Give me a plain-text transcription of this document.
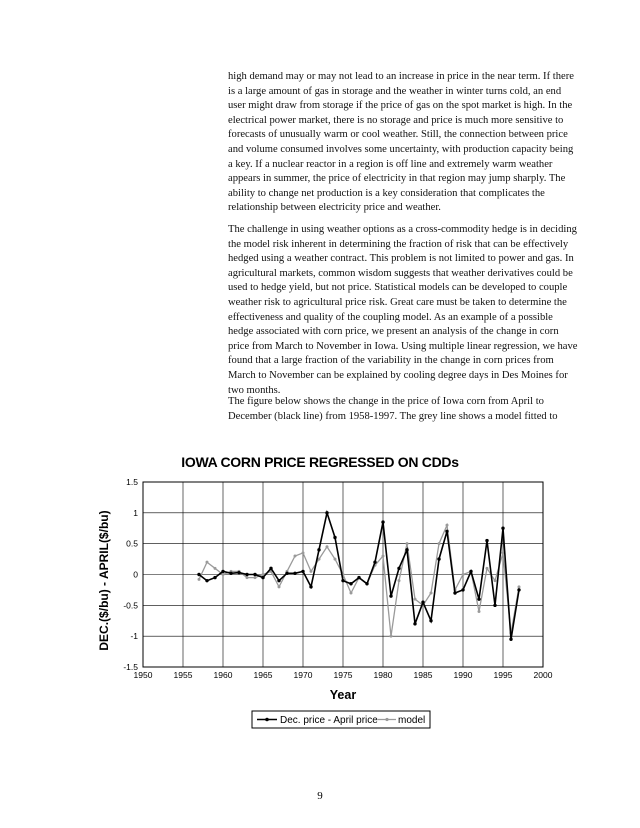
high demand may or may not lead to an increase in price in the near term. If there is a large amount of gas in storage and the weather in winter turns cold, an end user might draw from storage if the price of gas on the spot market is high. In the electrical power market, there is no storage and price is much more sensitive to forecasts of unusually warm or cool weather. Still, the connection between price and volume consumed involves some uncertainty, with production capacity being a key. If a nuclear reactor in a region is off line and extremely warm weather appears in summer, the price of electricity in that region may jump sharply. The ability to change net production is a key consideration that complicates the relationship between electricity price and weather.

The challenge in using weather options as a cross-commodity hedge is in deciding the model risk inherent in determining the fraction of risk that can be effectively hedged using a weather contract. This problem is not limited to power and gas. In agricultural markets, common wisdom suggests that weather derivatives could be used to hedge yield, but not price. Statistical models can be developed to couple weather risk to agricultural price risk. Great care must be taken to determine the effectiveness and quality of the coupling model. As an example of a possible hedge associated with corn price, we present an analysis of the change in corn price from March to November in Iowa. Using multiple linear regression, we have found that a large fraction of the variability in the change in corn prices from March to November can be explained by cooling degree days in Des Moines for two months.

The figure below shows the change in the price of Iowa corn from April to December (black line) from 1958-1997. The grey line shows a model fitted to

IOWA CORN PRICE REGRESSED ON CDDs
1950 1955 1960 1965 1970 1975 1980 1985 1990 1995 2000
1.5
1
0.5
0
-0.5
-1
-1.5
Year
DEC.($/bu) - APRIL($/bu)
Dec. price - April price model
9
